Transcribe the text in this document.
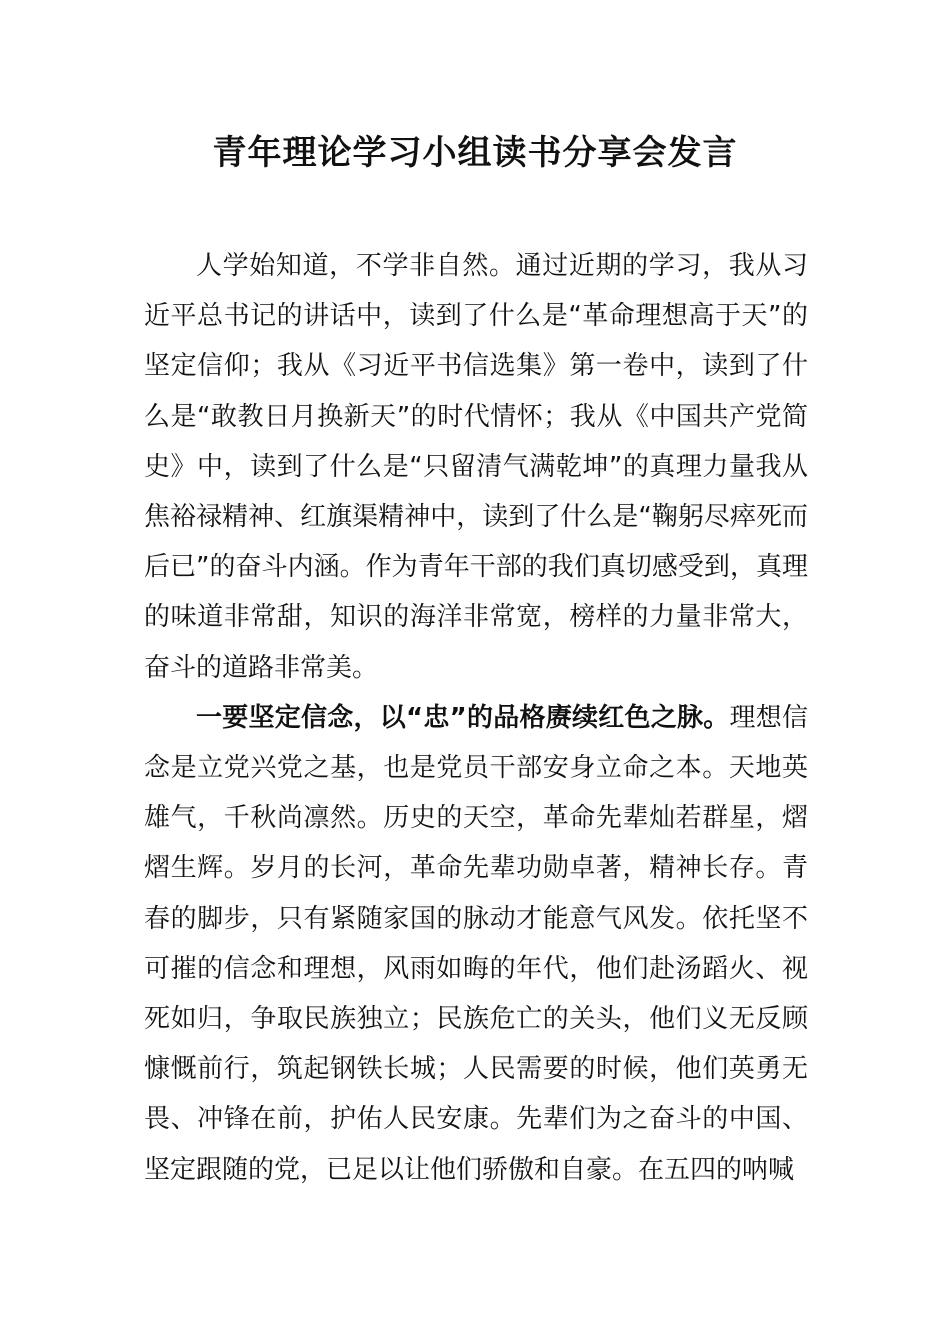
青年理论学习小组读书分享会发言

人学始知道，不学非自然。通过近期的学习，我从习近平总书记的讲话中，读到了什么是“革命理想高于天”的坚定信仰；我从《习近平书信选集》第一卷中，读到了什么是“敢教日月换新天”的时代情怀；我从《中国共产党简史》中，读到了什么是“只留清气满乾坤”的真理力量我从焦裕禄精神、红旗渠精神中，读到了什么是“鞠躬尽瘁死而后已”的奋斗内涵。作为青年干部的我们真切感受到，真理的味道非常甜，知识的海洋非常宽，榜样的力量非常大，奋斗的道路非常美。

一要坚定信念，以“忠”的品格赓续红色之脉。理想信念是立党兴党之基，也是党员干部安身立命之本。天地英雄气，千秋尚凛然。历史的天空，革命先辈灿若群星，熠熠生辉。岁月的长河，革命先辈功勋卓著，精神长存。青春的脚步，只有紧随家国的脉动才能意气风发。依托坚不可摧的信念和理想，风雨如晦的年代，他们赴汤蹈火、视死如归，争取民族独立；民族危亡的关头，他们义无反顾慷慨前行，筑起钢铁长城；人民需要的时候，他们英勇无畏、冲锋在前，护佑人民安康。先辈们为之奋斗的中国、坚定跟随的党，已足以让他们骄傲和自豪。在五四的呐喊
